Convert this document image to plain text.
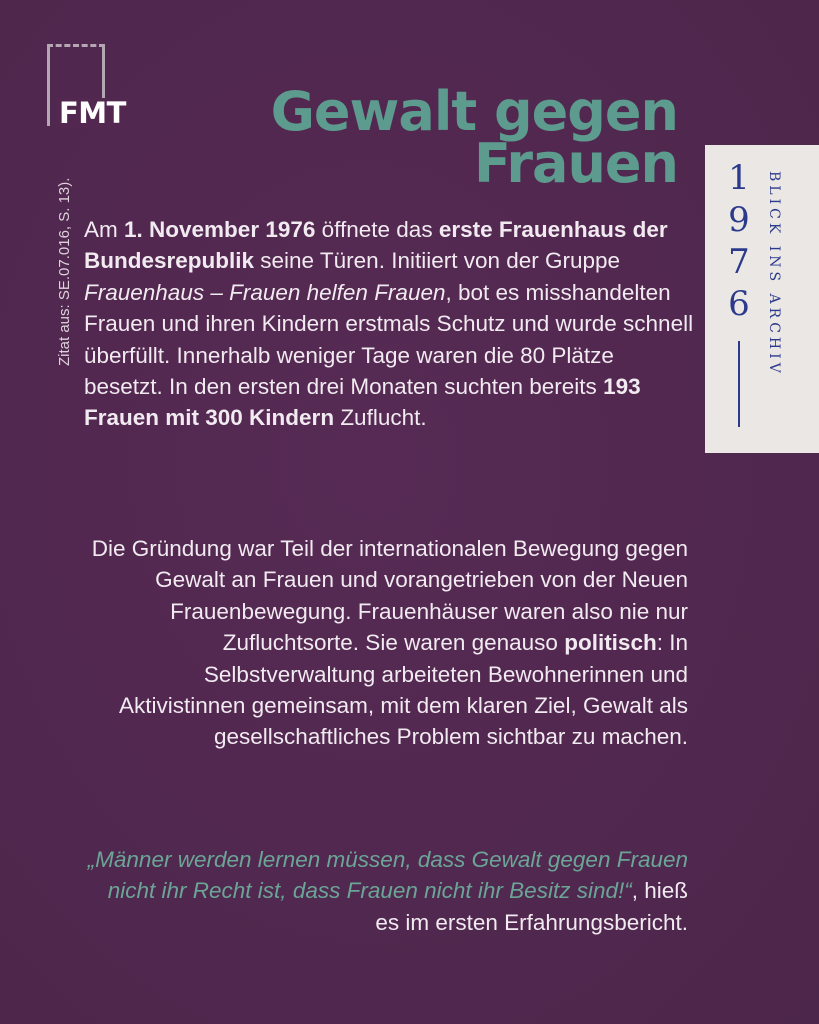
FMT
Zitat aus: SE.07.016, S. 13).
Gewalt gegen
Frauen 1
9
7
6	BLICK INS ARCHIV

Am 1. November 1976 öffnete das erste Frauenhaus der Bundesrepublik seine Türen. Initiiert von der Gruppe Frauenhaus – Frauen helfen Frauen, bot es misshandelten Frauen und ihren Kindern erstmals Schutz und wurde schnell überfüllt. Innerhalb weniger Tage waren die 80 Plätze besetzt. In den ersten drei Monaten suchten bereits 193 Frauen mit 300 Kindern Zuflucht.

Die Gründung war Teil der internationalen Bewegung gegen Gewalt an Frauen und vorangetrieben von der Neuen Frauenbewegung. Frauenhäuser waren also nie nur Zufluchtsorte. Sie waren genauso politisch: In Selbstverwaltung arbeiteten Bewohnerinnen und Aktivistinnen gemeinsam, mit dem klaren Ziel, Gewalt als gesellschaftliches Problem sichtbar zu machen.

„Männer werden lernen müssen, dass Gewalt gegen Frauen nicht ihr Recht ist, dass Frauen nicht ihr Besitz sind!“, hieß es im ersten Erfahrungsbericht.
